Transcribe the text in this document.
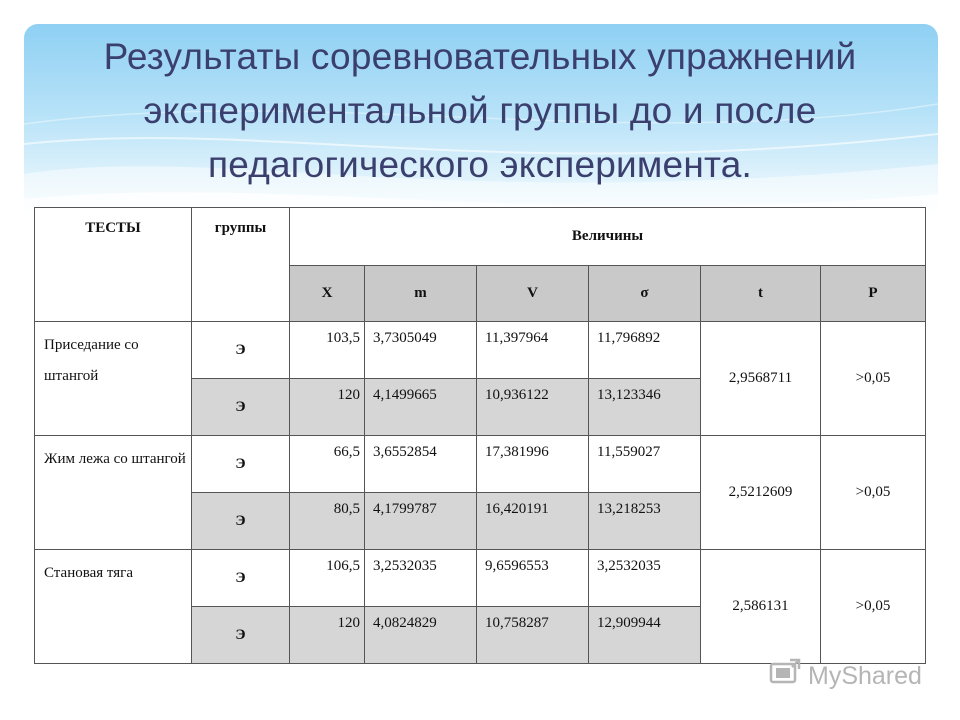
Результаты соревновательных упражнений экспериментальной группы до и после педагогического эксперимента.
ТЕСТЫ	группы	Величины					
		X	m	V	σ	t	P
Приседание со штангой	Э	103,5	3,7305049	11,397964	11,796892	2,9568711	>0,05
	Э	120	4,1499665	10,936122	13,123346		
Жим лежа со штангой	Э	66,5	3,6552854	17,381996	11,559027	2,5212609	>0,05
	Э	80,5	4,1799787	16,420191	13,218253		
Становая тяга	Э	106,5	3,2532035	9,6596553	3,2532035	2,586131	>0,05
	Э	120	4,0824829	10,758287	12,909944		
MyShared
